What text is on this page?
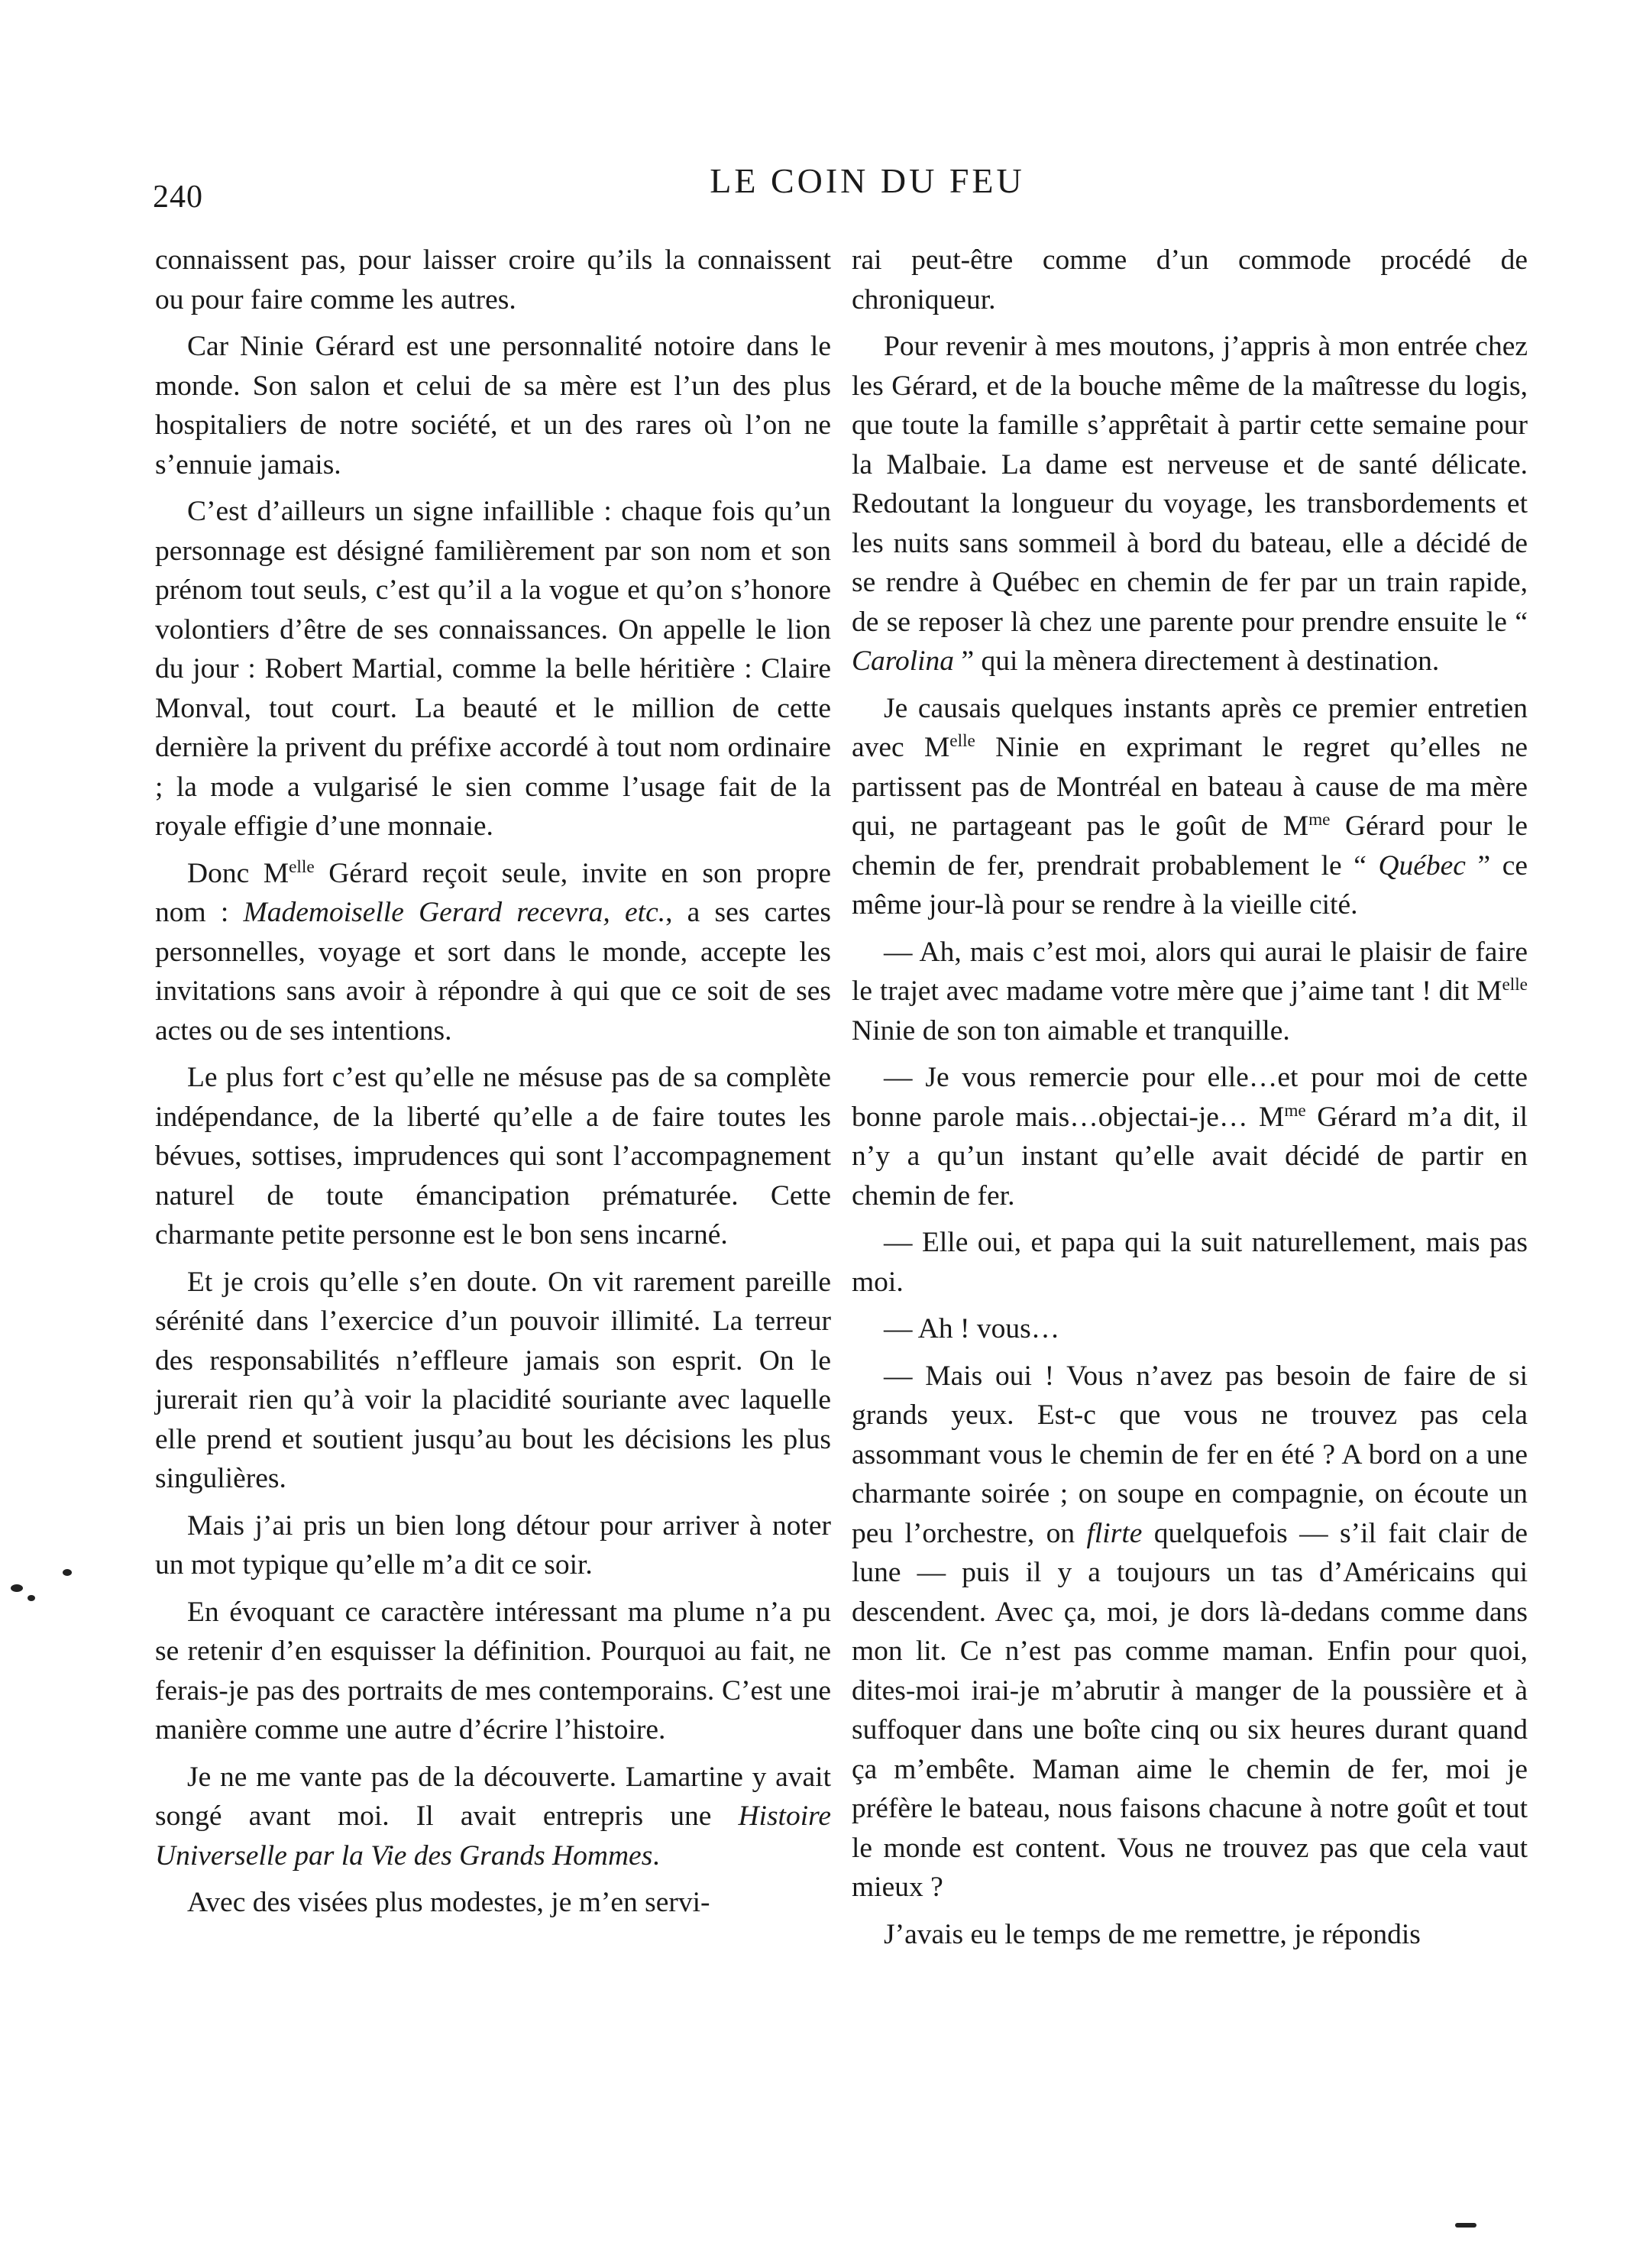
240	LE COIN DU FEU

connaissent pas, pour laisser croire qu’ils la connaissent ou pour faire comme les autres.

Car Ninie Gérard est une personnalité notoire dans le monde. Son salon et celui de sa mère est l’un des plus hospitaliers de notre société, et un des rares où l’on ne s’ennuie jamais.

C’est d’ailleurs un signe infaillible : chaque fois qu’un personnage est désigné familièrement par son nom et son prénom tout seuls, c’est qu’il a la vogue et qu’on s’honore volontiers d’être de ses connaissances. On appelle le lion du jour : Robert Martial, comme la belle héritière : Claire Monval, tout court. La beauté et le million de cette dernière la privent du préfixe accordé à tout nom ordinaire ; la mode a vulgarisé le sien comme l’usage fait de la royale effigie d’une monnaie.

Donc $M^{elle}$ Gérard reçoit seule, invite en son propre nom : Mademoiselle Gerard recevra, etc., a ses cartes personnelles, voyage et sort dans le monde, accepte les invitations sans avoir à répondre à qui que ce soit de ses actes ou de ses intentions.

Le plus fort c’est qu’elle ne mésuse pas de sa complète indépendance, de la liberté qu’elle a de faire toutes les bévues, sottises, imprudences qui sont l’accompagnement naturel de toute émancipation prématurée. Cette charmante petite personne est le bon sens incarné.

Et je crois qu’elle s’en doute. On vit rarement pareille sérénité dans l’exercice d’un pouvoir illimité. La terreur des responsabilités n’effleure jamais son esprit. On le jurerait rien qu’à voir la placidité souriante avec laquelle elle prend et soutient jusqu’au bout les décisions les plus singulières.

Mais j’ai pris un bien long détour pour arriver à noter un mot typique qu’elle m’a dit ce soir.

En évoquant ce caractère intéressant ma plume n’a pu se retenir d’en esquisser la définition. Pourquoi au fait, ne ferais-je pas des portraits de mes contemporains. C’est une manière comme une autre d’écrire l’histoire.

Je ne me vante pas de la découverte. Lamartine y avait songé avant moi. Il avait entrepris une Histoire Universelle par la Vie des Grands Hommes.

Avec des visées plus modestes, je m’en servi-

rai peut-être comme d’un commode procédé de chroniqueur.

Pour revenir à mes moutons, j’appris à mon entrée chez les Gérard, et de la bouche même de la maîtresse du logis, que toute la famille s’apprêtait à partir cette semaine pour la Malbaie. La dame est nerveuse et de santé délicate. Redoutant la longueur du voyage, les transbordements et les nuits sans sommeil à bord du bateau, elle a décidé de se rendre à Québec en chemin de fer par un train rapide, de se reposer là chez une parente pour prendre ensuite le “ Carolina ” qui la mènera directement à destination.

Je causais quelques instants après ce premier entretien avec $M^{elle}$ Ninie en exprimant le regret qu’elles ne partissent pas de Montréal en bateau à cause de ma mère qui, ne partageant pas le goût de $M^{me}$ Gérard pour le chemin de fer, prendrait probablement le “ Québec ” ce même jour-là pour se rendre à la vieille cité.

— Ah, mais c’est moi, alors qui aurai le plaisir de faire le trajet avec madame votre mère que j’aime tant ! dit $M^{elle}$ Ninie de son ton aimable et tranquille.

— Je vous remercie pour elle…et pour moi de cette bonne parole mais…objectai-je… $M^{me}$ Gérard m’a dit, il n’y a qu’un instant qu’elle avait décidé de partir en chemin de fer.

— Elle oui, et papa qui la suit naturellement, mais pas moi.

— Ah ! vous…

— Mais oui ! Vous n’avez pas besoin de faire de si grands yeux. Est-c que vous ne trouvez pas cela assommant vous le chemin de fer en été ? A bord on a une charmante soirée ; on soupe en compagnie, on écoute un peu l’orchestre, on flirte quelquefois — s’il fait clair de lune — puis il y a toujours un tas d’Américains qui descendent. Avec ça, moi, je dors là-dedans comme dans mon lit. Ce n’est pas comme maman. Enfin pour quoi, dites-moi irai-je m’abrutir à manger de la poussière et à suffoquer dans une boîte cinq ou six heures durant quand ça m’embête. Maman aime le chemin de fer, moi je préfère le bateau, nous faisons chacune à notre goût et tout le monde est content. Vous ne trouvez pas que cela vaut mieux ?

J’avais eu le temps de me remettre, je répondis
